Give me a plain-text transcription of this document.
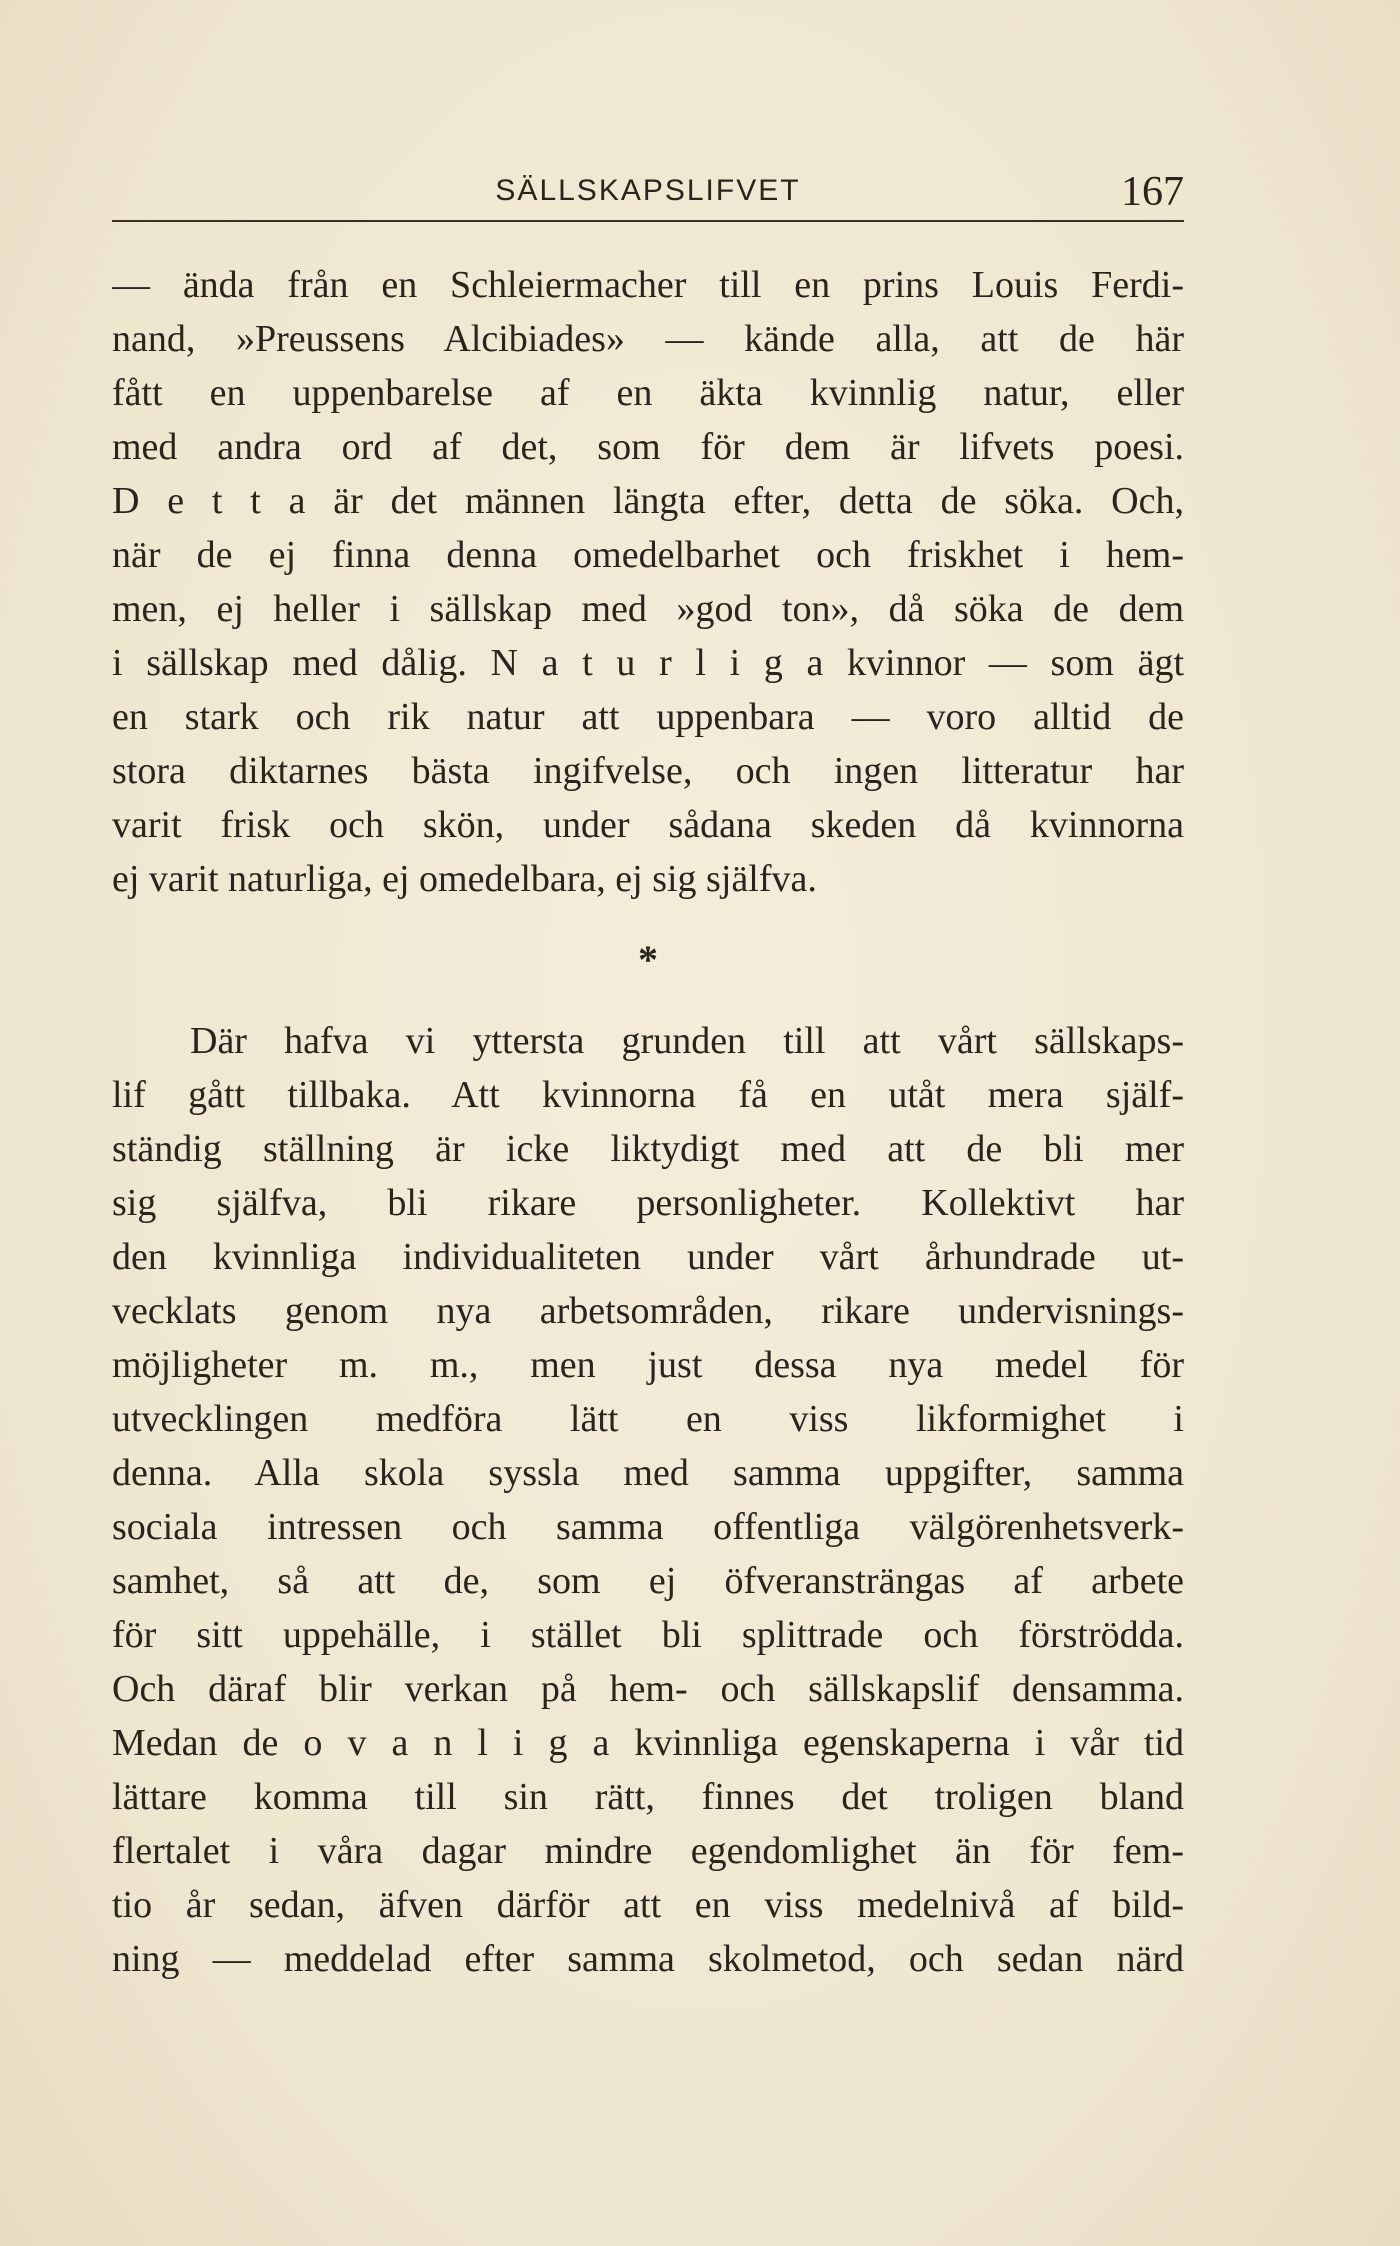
SÄLLSKAPSLIFVET	167
— ända från en Schleiermacher till en prins Louis Ferdi-
nand, »Preussens Alcibiades» — kände alla, att de här
fått en uppenbarelse af en äkta kvinnlig natur, eller
med andra ord af det, som för dem är lifvets poesi.
D e t t a är det männen längta efter, detta de söka. Och,
när de ej finna denna omedelbarhet och friskhet i hem-
men, ej heller i sällskap med »god ton», då söka de dem
i sällskap med dålig. N a t u r l i g a kvinnor — som ägt
en stark och rik natur att uppenbara — voro alltid de
stora diktarnes bästa ingifvelse, och ingen litteratur har
varit frisk och skön, under sådana skeden då kvinnorna
ej varit naturliga, ej omedelbara, ej sig själfva.
*
Där hafva vi yttersta grunden till att vårt sällskaps-
lif gått tillbaka. Att kvinnorna få en utåt mera själf-
ständig ställning är icke liktydigt med att de bli mer
sig själfva, bli rikare personligheter. Kollektivt har
den kvinnliga individualiteten under vårt århundrade ut-
vecklats genom nya arbetsområden, rikare undervisnings-
möjligheter m. m., men just dessa nya medel för
utvecklingen medföra lätt en viss likformighet i
denna. Alla skola syssla med samma uppgifter, samma
sociala intressen och samma offentliga välgörenhetsverk-
samhet, så att de, som ej öfveransträngas af arbete
för sitt uppehälle, i stället bli splittrade och förströdda.
Och däraf blir verkan på hem- och sällskapslif densamma.
Medan de o v a n l i g a kvinnliga egenskaperna i vår tid
lättare komma till sin rätt, finnes det troligen bland
flertalet i våra dagar mindre egendomlighet än för fem-
tio år sedan, äfven därför att en viss medelnivå af bild-
ning — meddelad efter samma skolmetod, och sedan närd
